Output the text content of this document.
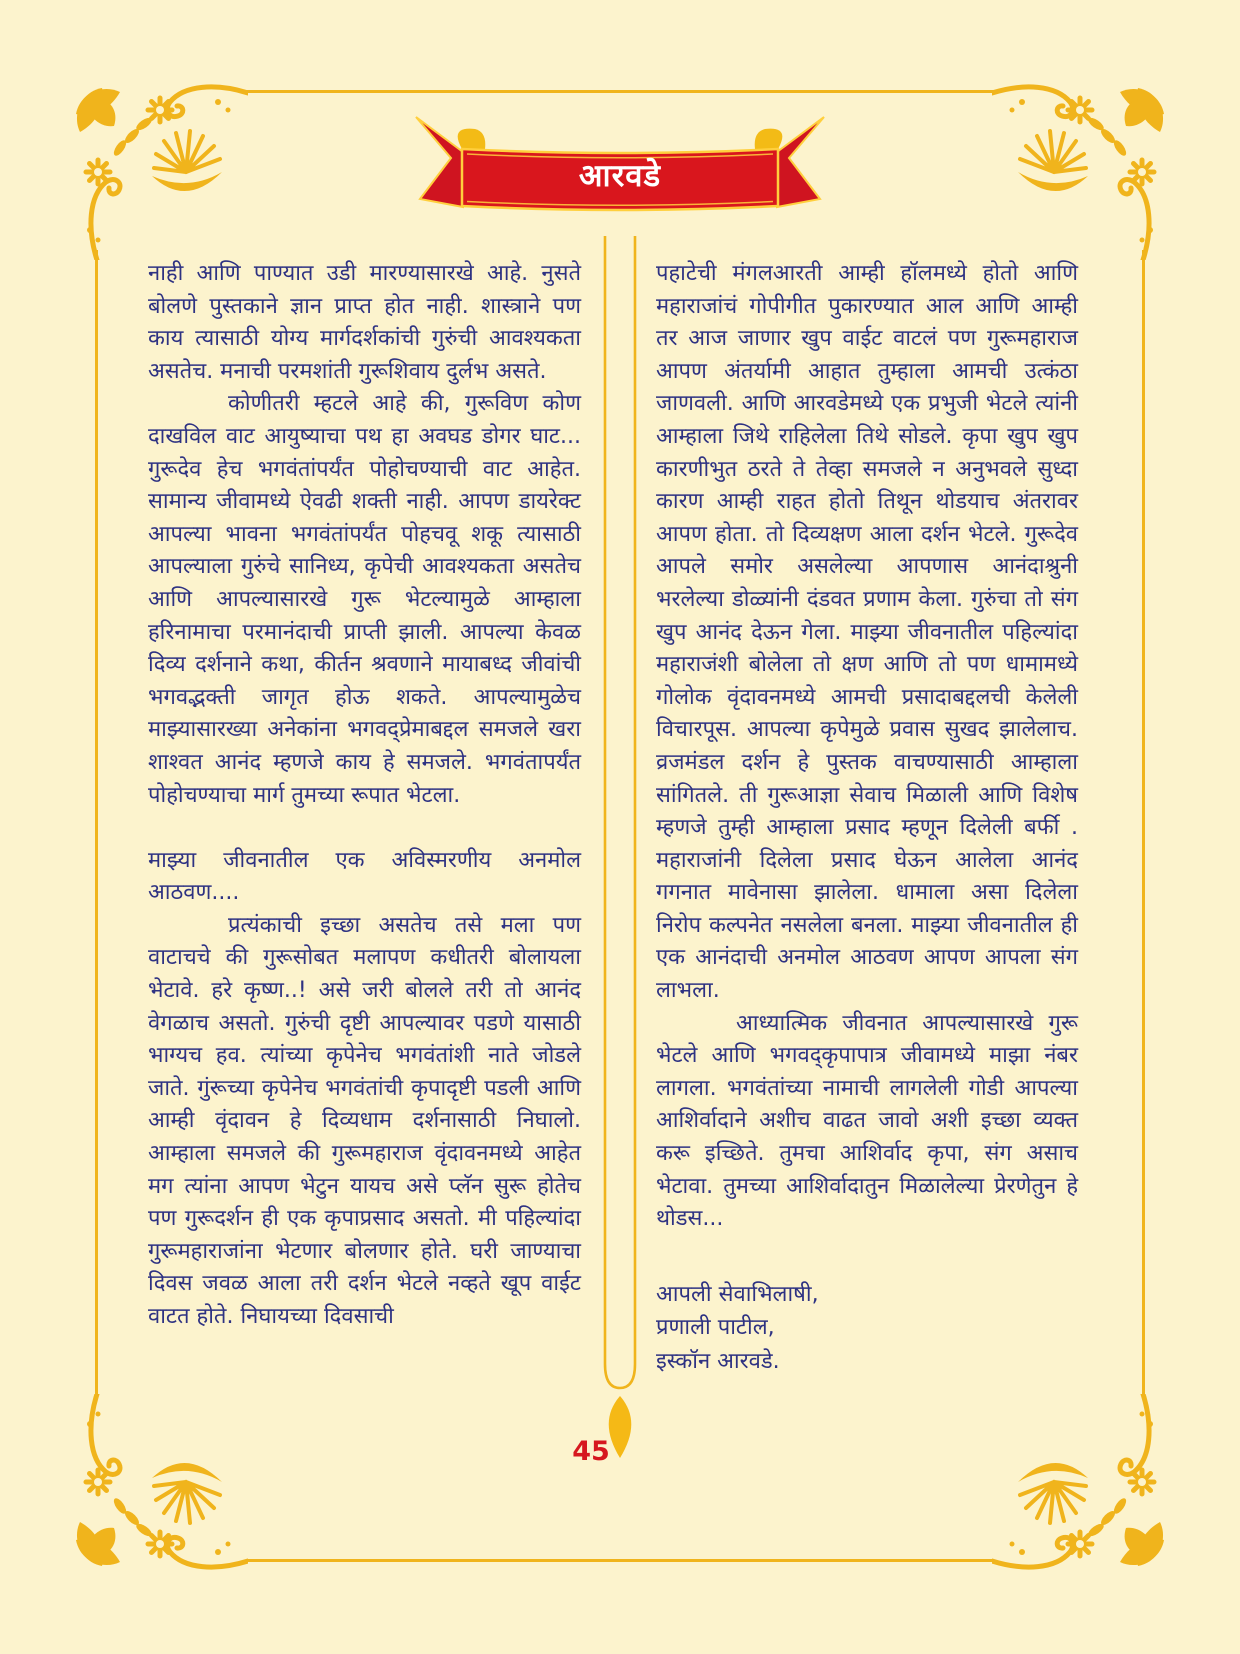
आरवडे

नाही आणि पाण्यात उडी मारण्यासारखे आहे. नुसते बोलणे पुस्तकाने ज्ञान प्राप्त होत नाही. शास्त्राने पण काय त्यासाठी योग्य मार्गदर्शकांची गुरुंची आवश्यकता असतेच. मनाची परमशांती गुरूशिवाय दुर्लभ असते.

कोणीतरी म्हटले आहे की, गुरूविण कोण दाखविल वाट आयुष्याचा पथ हा अवघड डोगर घाट... गुरूदेव हेच भगवंतांपर्यंत पोहोचण्याची वाट आहेत. सामान्य जीवामध्ये ऐवढी शक्ती नाही. आपण डायरेक्ट आपल्या भावना भगवंतांपर्यंत पोहचवू शकू त्यासाठी आपल्याला गुरुंचे सानिध्य, कृपेची आवश्यकता असतेच आणि आपल्यासारखे गुरू भेटल्यामुळे आम्हाला हरिनामाचा परमानंदाची प्राप्ती झाली. आपल्या केवळ दिव्य दर्शनाने कथा, कीर्तन श्रवणाने मायाबध्द जीवांची भगवद्भक्ती जागृत होऊ शकते. आपल्यामुळेच माझ्यासारख्या अनेकांना भगवद्प्रेमाबद्दल समजले खरा शाश्वत आनंद म्हणजे काय हे समजले. भगवंतापर्यंत पोहोचण्याचा मार्ग तुमच्या रूपात भेटला.

माझ्या जीवनातील एक अविस्मरणीय अनमोल आठवण....

प्रत्यंकाची इच्छा असतेच तसे मला पण वाटाचचे की गुरूसोबत मलापण कधीतरी बोलायला भेटावे. हरे कृष्ण..! असे जरी बोलले तरी तो आनंद वेगळाच असतो. गुरुंची दृष्टी आपल्यावर पडणे यासाठी भाग्यच हव. त्यांच्या कृपेनेच भगवंतांशी नाते जोडले जाते. गुंरूच्या कृपेनेच भगवंतांची कृपादृष्टी पडली आणि आम्ही वृंदावन हे दिव्यधाम दर्शनासाठी निघालो. आम्हाला समजले की गुरूमहाराज वृंदावनमध्ये आहेत मग त्यांना आपण भेटुन यायच असे प्लॅन सुरू होतेच पण गुरूदर्शन ही एक कृपाप्रसाद असतो. मी पहिल्यांदा गुरूमहाराजांना भेटणार बोलणार होते. घरी जाण्याचा दिवस जवळ आला तरी दर्शन भेटले नव्हते खूप वाईट वाटत होते. निघायच्या दिवसाची

पहाटेची मंगलआरती आम्ही हॉलमध्ये होतो आणि महाराजांचं गोपीगीत पुकारण्यात आल आणि आम्ही तर आज जाणार खुप वाईट वाटलं पण गुरूमहाराज आपण अंतर्यामी आहात तुम्हाला आमची उत्कंठा जाणवली. आणि आरवडेमध्ये एक प्रभुजी भेटले त्यांनी आम्हाला जिथे राहिलेला तिथे सोडले. कृपा खुप खुप कारणीभुत ठरते ते तेव्हा समजले न अनुभवले सुध्दा कारण आम्ही राहत होतो तिथून थोडयाच अंतरावर आपण होता. तो दिव्यक्षण आला दर्शन भेटले. गुरूदेव आपले समोर असलेल्या आपणास आनंदाश्रुनी भरलेल्या डोळ्यांनी दंडवत प्रणाम केला. गुरुंचा तो संग खुप आनंद देऊन गेला. माझ्या जीवनातील पहिल्यांदा महाराजंशी बोलेला तो क्षण आणि तो पण धामामध्ये गोलोक वृंदावनमध्ये आमची प्रसादाबद्दलची केलेली विचारपूस. आपल्या कृपेमुळे प्रवास सुखद झालेलाच. व्रजमंडल दर्शन हे पुस्तक वाचण्यासाठी आम्हाला सांगितले. ती गुरूआज्ञा सेवाच मिळाली आणि विशेष म्हणजे तुम्ही आम्हाला प्रसाद म्हणून दिलेली बर्फी . महाराजांनी दिलेला प्रसाद घेऊन आलेला आनंद गगनात मावेनासा झालेला. धामाला असा दिलेला निरोप कल्पनेत नसलेला बनला. माझ्या जीवनातील ही एक आनंदाची अनमोल आठवण आपण आपला संग लाभला.

आध्यात्मिक जीवनात आपल्यासारखे गुरू भेटले आणि भगवद्कृपापात्र जीवामध्ये माझा नंबर लागला. भगवंतांच्या नामाची लागलेली गोडी आपल्या आशिर्वादाने अशीच वाढत जावो अशी इच्छा व्यक्त करू इच्छिते. तुमचा आशिर्वाद कृपा, संग असाच भेटावा. तुमच्या आशिर्वादातुन मिळालेल्या प्रेरणेतुन हे थोडस...

आपली सेवाभिलाषी,
प्रणाली पाटील,
इस्कॉन आरवडे.
45
